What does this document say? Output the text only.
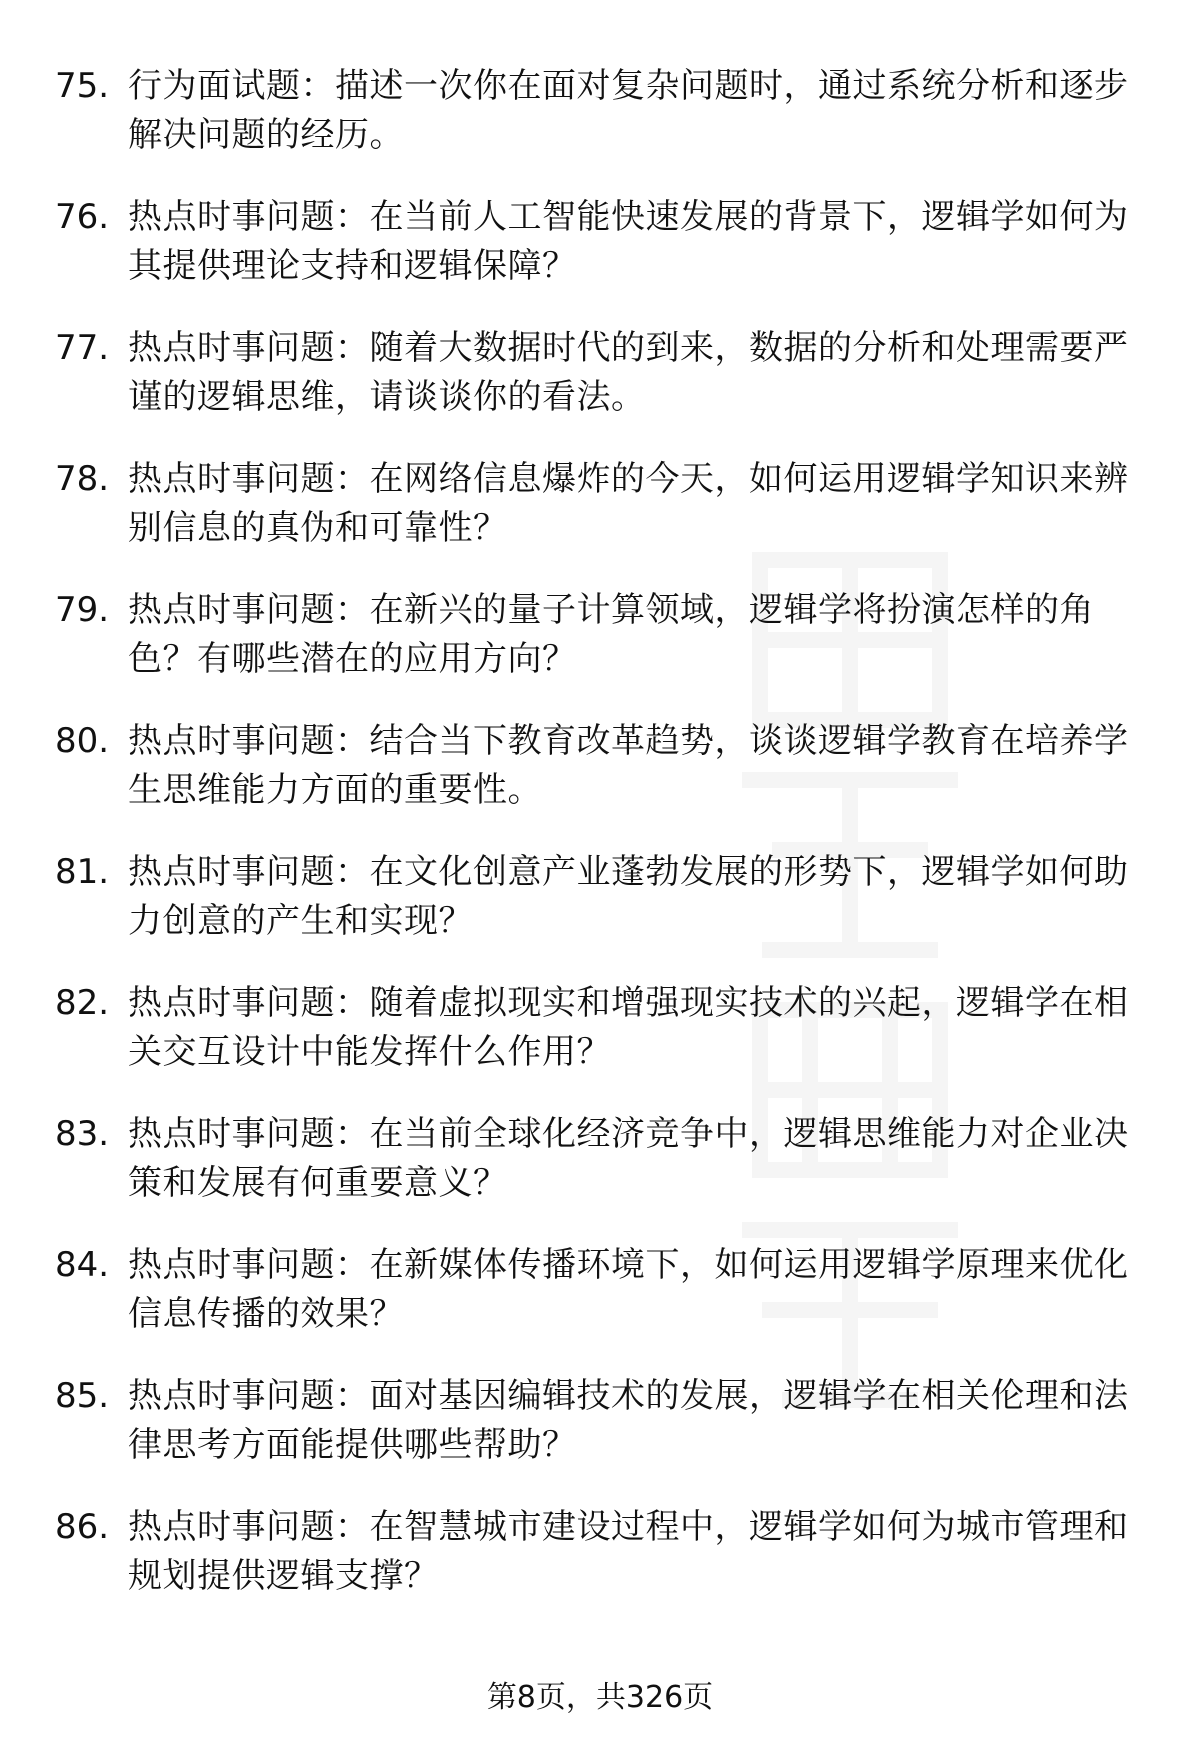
75. 行为面试题：描述一次你在面对复杂问题时，通过系统分析和逐步解决问题的经历。
76. 热点时事问题：在当前人工智能快速发展的背景下，逻辑学如何为其提供理论支持和逻辑保障？
77. 热点时事问题：随着大数据时代的到来，数据的分析和处理需要严谨的逻辑思维，请谈谈你的看法。
78. 热点时事问题：在网络信息爆炸的今天，如何运用逻辑学知识来辨别信息的真伪和可靠性？
79. 热点时事问题：在新兴的量子计算领域，逻辑学将扮演怎样的角色？有哪些潜在的应用方向？
80. 热点时事问题：结合当下教育改革趋势，谈谈逻辑学教育在培养学生思维能力方面的重要性。
81. 热点时事问题：在文化创意产业蓬勃发展的形势下，逻辑学如何助力创意的产生和实现？
82. 热点时事问题：随着虚拟现实和增强现实技术的兴起，逻辑学在相关交互设计中能发挥什么作用？
83. 热点时事问题：在当前全球化经济竞争中，逻辑思维能力对企业决策和发展有何重要意义？
84. 热点时事问题：在新媒体传播环境下，如何运用逻辑学原理来优化信息传播的效果？
85. 热点时事问题：面对基因编辑技术的发展，逻辑学在相关伦理和法律思考方面能提供哪些帮助？
86. 热点时事问题：在智慧城市建设过程中，逻辑学如何为城市管理和规划提供逻辑支撑？
第8页，共326页
